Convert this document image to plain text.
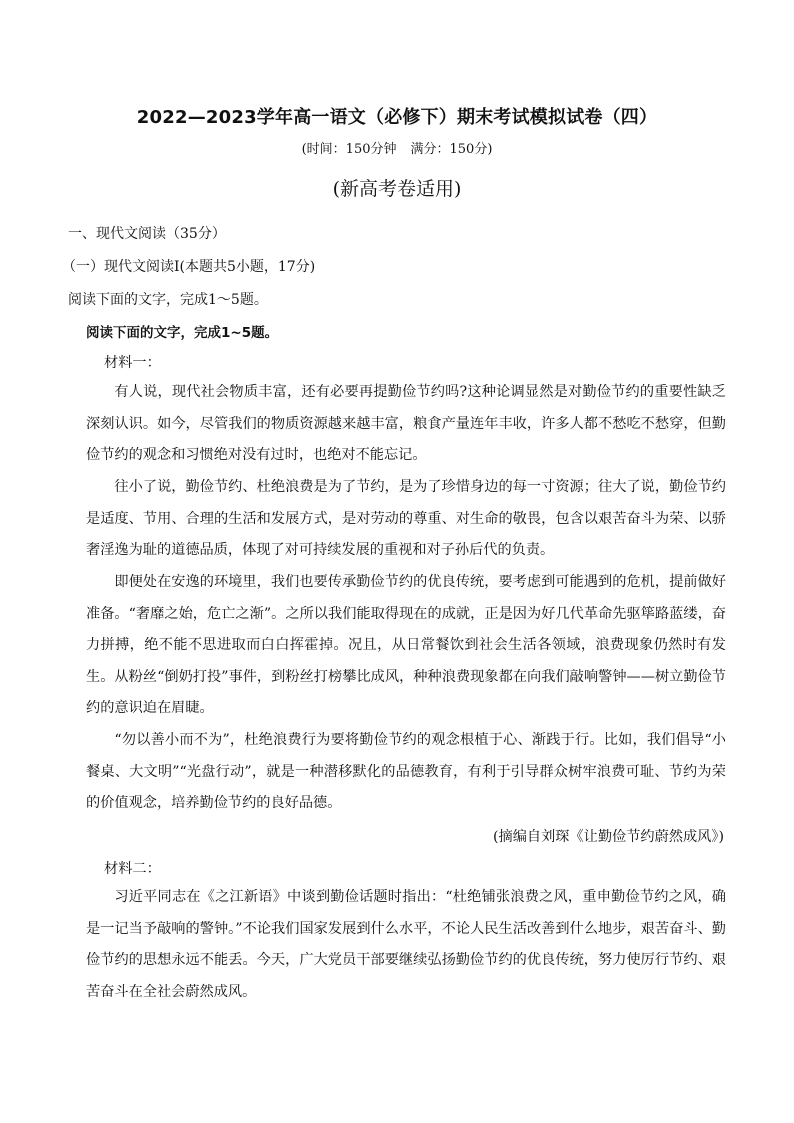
2022—2023学年高一语文（必修下）期末考试模拟试卷（四）
(时间：150分钟 满分：150分)
(新高考卷适用)
一、现代文阅读（35分）
（一）现代文阅读Ⅰ(本题共5小题，17分)
阅读下面的文字，完成1～5题。
阅读下面的文字，完成1~5题。
材料一：

有人说，现代社会物质丰富，还有必要再提勤俭节约吗?这种论调显然是对勤俭节约的重要性缺乏深刻认识。如今，尽管我们的物质资源越来越丰富，粮食产量连年丰收，许多人都不愁吃不愁穿，但勤俭节约的观念和习惯绝对没有过时，也绝对不能忘记。

往小了说，勤俭节约、杜绝浪费是为了节约，是为了珍惜身边的每一寸资源；往大了说，勤俭节约是适度、节用、合理的生活和发展方式，是对劳动的尊重、对生命的敬畏，包含以艰苦奋斗为荣、以骄奢淫逸为耻的道德品质，体现了对可持续发展的重视和对子孙后代的负责。

即便处在安逸的环境里，我们也要传承勤俭节约的优良传统，要考虑到可能遇到的危机，提前做好准备。“奢靡之始，危亡之渐”。之所以我们能取得现在的成就，正是因为好几代革命先驱筚路蓝缕，奋力拼搏，绝不能不思进取而白白挥霍掉。况且，从日常餐饮到社会生活各领域，浪费现象仍然时有发生。从粉丝“倒奶打投”事件，到粉丝打榜攀比成风，种种浪费现象都在向我们敲响警钟——树立勤俭节约的意识迫在眉睫。

“勿以善小而不为”，杜绝浪费行为要将勤俭节约的观念根植于心、渐践于行。比如，我们倡导“小餐桌、大文明”“光盘行动”，就是一种潜移默化的品德教育，有利于引导群众树牢浪费可耻、节约为荣的价值观念，培养勤俭节约的良好品德。

(摘编自刘琛《让勤俭节约蔚然成风》)
材料二：

习近平同志在《之江新语》中谈到勤俭话题时指出：“杜绝铺张浪费之风，重申勤俭节约之风，确是一记当予敲响的警钟。”不论我们国家发展到什么水平，不论人民生活改善到什么地步，艰苦奋斗、勤俭节约的思想永远不能丢。今天，广大党员干部要继续弘扬勤俭节约的优良传统，努力使厉行节约、艰苦奋斗在全社会蔚然成风。
